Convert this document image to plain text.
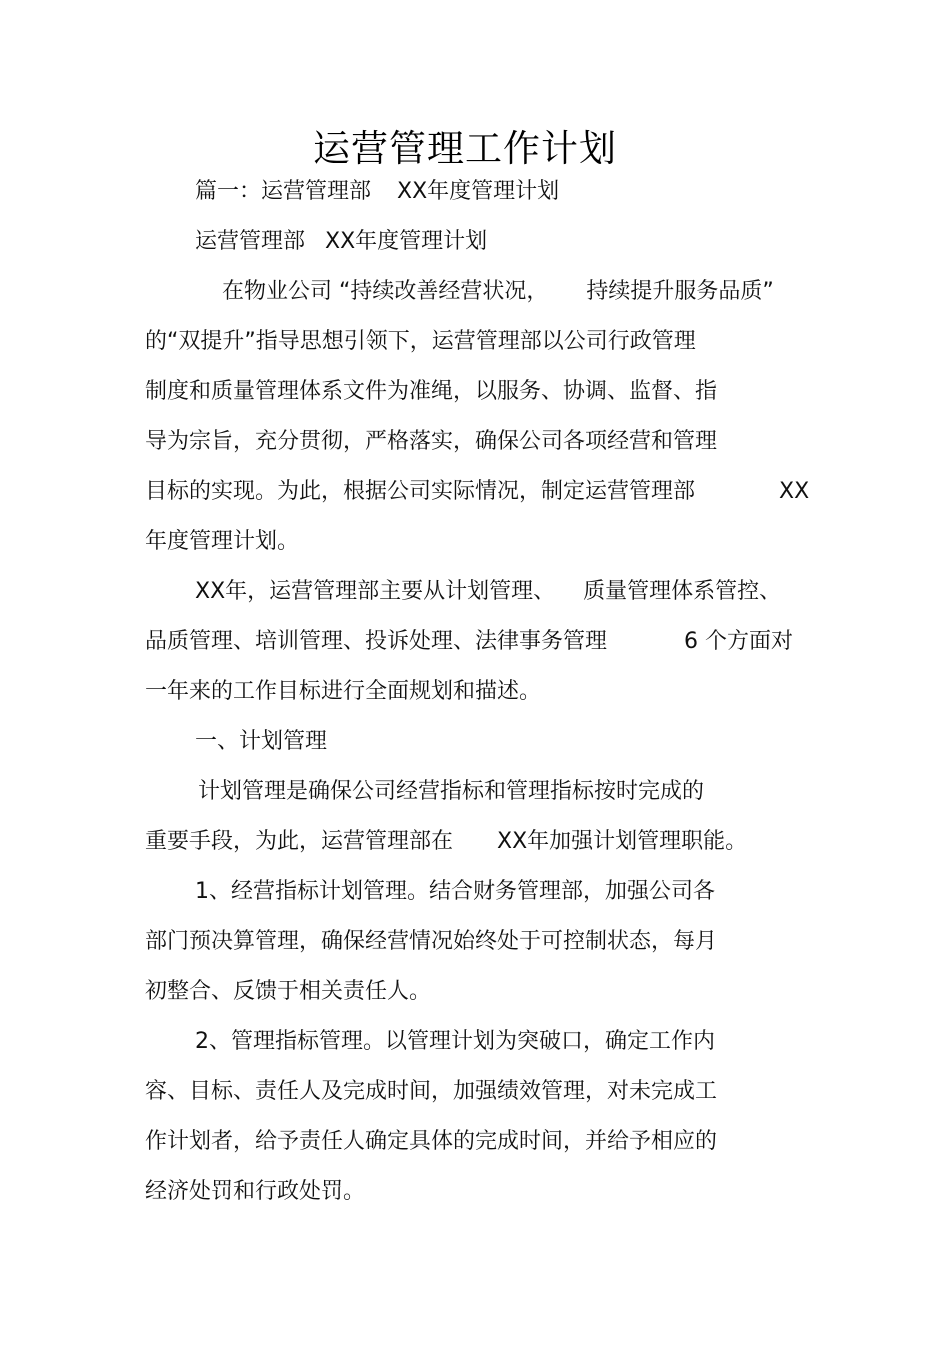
运营管理工作计划
篇一：运营管理部 XX年度管理计划
运营管理部 XX年度管理计划
在物业公司 “持续改善经营状况， 持续提升服务品质”
的“双提升”指导思想引领下，运营管理部以公司行政管理
制度和质量管理体系文件为准绳，以服务、协调、监督、指
导为宗旨，充分贯彻，严格落实，确保公司各项经营和管理
目标的实现。为此，根据公司实际情况，制定运营管理部	XX
年度管理计划。
XX年，运营管理部主要从计划管理、 质量管理体系管控、
品质管理、培训管理、投诉处理、法律事务管理	6 个方面对
一年来的工作目标进行全面规划和描述。
一、计划管理
计划管理是确保公司经营指标和管理指标按时完成的
重要手段，为此，运营管理部在 XX年加强计划管理职能。
1、经营指标计划管理。结合财务管理部，加强公司各
部门预决算管理，确保经营情况始终处于可控制状态，每月
初整合、反馈于相关责任人。
2、管理指标管理。以管理计划为突破口，确定工作内
容、目标、责任人及完成时间，加强绩效管理，对未完成工
作计划者，给予责任人确定具体的完成时间，并给予相应的
经济处罚和行政处罚。
